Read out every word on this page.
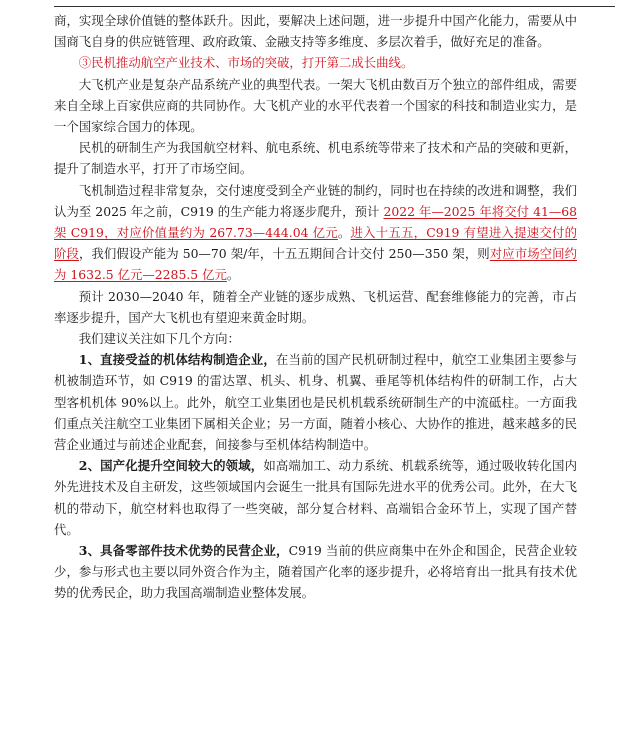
商，实现全球价值链的整体跃升。因此，要解决上述问题，进一步提升中国产化能力，需要从中国商飞自身的供应链管理、政府政策、金融支持等多维度、多层次着手，做好充足的准备。

③民机推动航空产业技术、市场的突破，打开第二成长曲线。

大飞机产业是复杂产品系统产业的典型代表。一架大飞机由数百万个独立的部件组成，需要来自全球上百家供应商的共同协作。大飞机产业的水平代表着一个国家的科技和制造业实力，是一个国家综合国力的体现。

民机的研制生产为我国航空材料、航电系统、机电系统等带来了技术和产品的突破和更新，提升了制造水平，打开了市场空间。

飞机制造过程非常复杂，交付速度受到全产业链的制约，同时也在持续的改进和调整，我们认为至 2025 年之前，C919 的生产能力将逐步爬升，预计 2022 年—2025 年将交付 41—68 架 C919，对应价值量约为 267.73—444.04 亿元。进入十五五，C919 有望进入提速交付的阶段，我们假设产能为 50—70 架/年，十五五期间合计交付 250—350 架，则对应市场空间约为 1632.5 亿元—2285.5 亿元。

预计 2030—2040 年，随着全产业链的逐步成熟、飞机运营、配套维修能力的完善，市占率逐步提升，国产大飞机也有望迎来黄金时期。

我们建议关注如下几个方向：

1、直接受益的机体结构制造企业，在当前的国产民机研制过程中，航空工业集团主要参与机被制造环节，如 C919 的雷达罩、机头、机身、机翼、垂尾等机体结构件的研制工作，占大型客机机体 90%以上。此外，航空工业集团也是民机机载系统研制生产的中流砥柱。一方面我们重点关注航空工业集团下属相关企业；另一方面，随着小核心、大协作的推进，越来越多的民营企业通过与前述企业配套，间接参与至机体结构制造中。

2、国产化提升空间较大的领域，如高端加工、动力系统、机载系统等，通过吸收转化国内外先进技术及自主研发，这些领域国内会诞生一批具有国际先进水平的优秀公司。此外，在大飞机的带动下，航空材料也取得了一些突破，部分复合材料、高端铝合金环节上，实现了国产替代。

3、具备零部件技术优势的民营企业，C919 当前的供应商集中在外企和国企，民营企业较少，参与形式也主要以同外资合作为主，随着国产化率的逐步提升，必将培育出一批具有技术优势的优秀民企，助力我国高端制造业整体发展。
